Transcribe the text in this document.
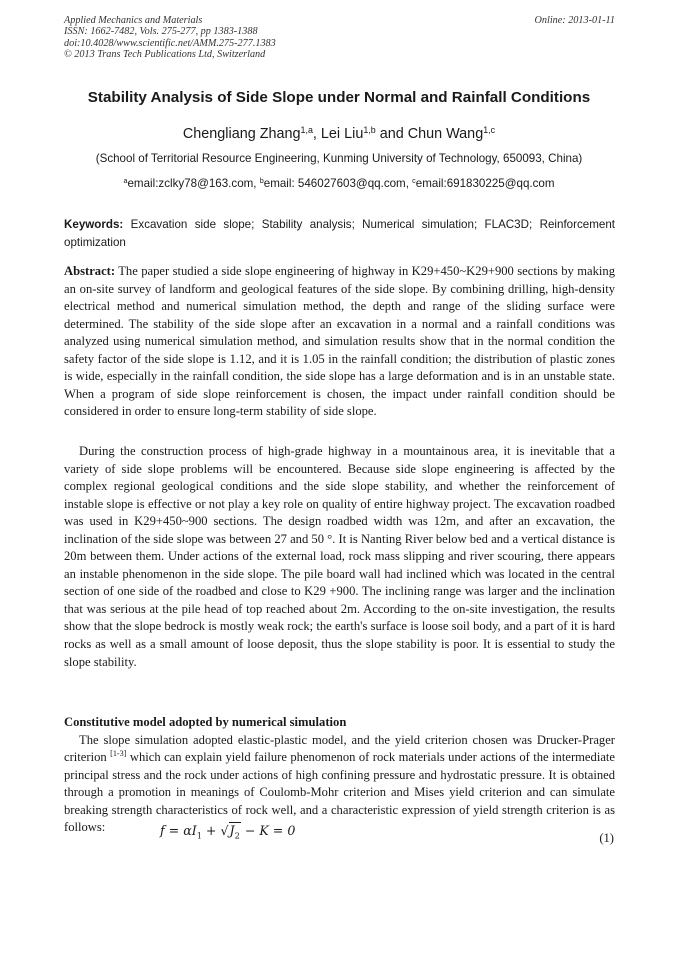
Applied Mechanics and Materials
ISSN: 1662-7482, Vols. 275-277, pp 1383-1388
doi:10.4028/www.scientific.net/AMM.275-277.1383
© 2013 Trans Tech Publications Ltd, Switzerland
Online: 2013-01-11
Stability Analysis of Side Slope under Normal and Rainfall Conditions
Chengliang Zhang$^{1,a}$, Lei Liu$^{1,b}$ and Chun Wang$^{1,c}$
(School of Territorial Resource Engineering, Kunming University of Technology, 650093, China)
$^a$email:zclky78@163.com, $^b$email: 546027603@qq.com, $^c$email:691830225@qq.com
Keywords: Excavation side slope; Stability analysis; Numerical simulation; FLAC3D; Reinforcement optimization
Abstract: The paper studied a side slope engineering of highway in K29+450~K29+900 sections by making an on-site survey of landform and geological features of the side slope. By combining drilling, high-density electrical method and numerical simulation method, the depth and range of the sliding surface were determined. The stability of the side slope after an excavation in a normal and a rainfall conditions was analyzed using numerical simulation method, and simulation results show that in the normal condition the safety factor of the side slope is 1.12, and it is 1.05 in the rainfall condition; the distribution of plastic zones is wide, especially in the rainfall condition, the side slope has a large deformation and is in an unstable state. When a program of side slope reinforcement is chosen, the impact under rainfall condition should be considered in order to ensure long-term stability of side slope.
During the construction process of high-grade highway in a mountainous area, it is inevitable that a variety of side slope problems will be encountered. Because side slope engineering is affected by the complex regional geological conditions and the side slope stability, and whether the reinforcement of instable slope is effective or not play a key role on quality of entire highway project. The excavation roadbed was used in K29+450~900 sections. The design roadbed width was 12m, and after an excavation, the inclination of the side slope was between 27 and 50 °. It is Nanting River below bed and a vertical distance is 20m between them. Under actions of the external load, rock mass slipping and river scouring, there appears an instable phenomenon in the side slope. The pile board wall had inclined which was located in the central section of one side of the roadbed and close to K29 +900. The inclining range was larger and the inclination that was serious at the pile head of top reached about 2m. According to the on-site investigation, the results show that the slope bedrock is mostly weak rock; the earth's surface is loose soil body, and a part of it is hard rocks as well as a small amount of loose deposit, thus the slope stability is poor. It is essential to study the slope stability.
Constitutive model adopted by numerical simulation

The slope simulation adopted elastic-plastic model, and the yield criterion chosen was Drucker-Prager criterion [1-3] which can explain yield failure phenomenon of rock materials under actions of the intermediate principal stress and the rock under actions of high confining pressure and hydrostatic pressure. It is obtained through a promotion in meanings of Coulomb-Mohr criterion and Mises yield criterion and can simulate breaking strength characteristics of rock well, and a characteristic expression of yield strength criterion is as follows:	$f = \alpha I_1 + √J_2 - K = 0$	(1)
